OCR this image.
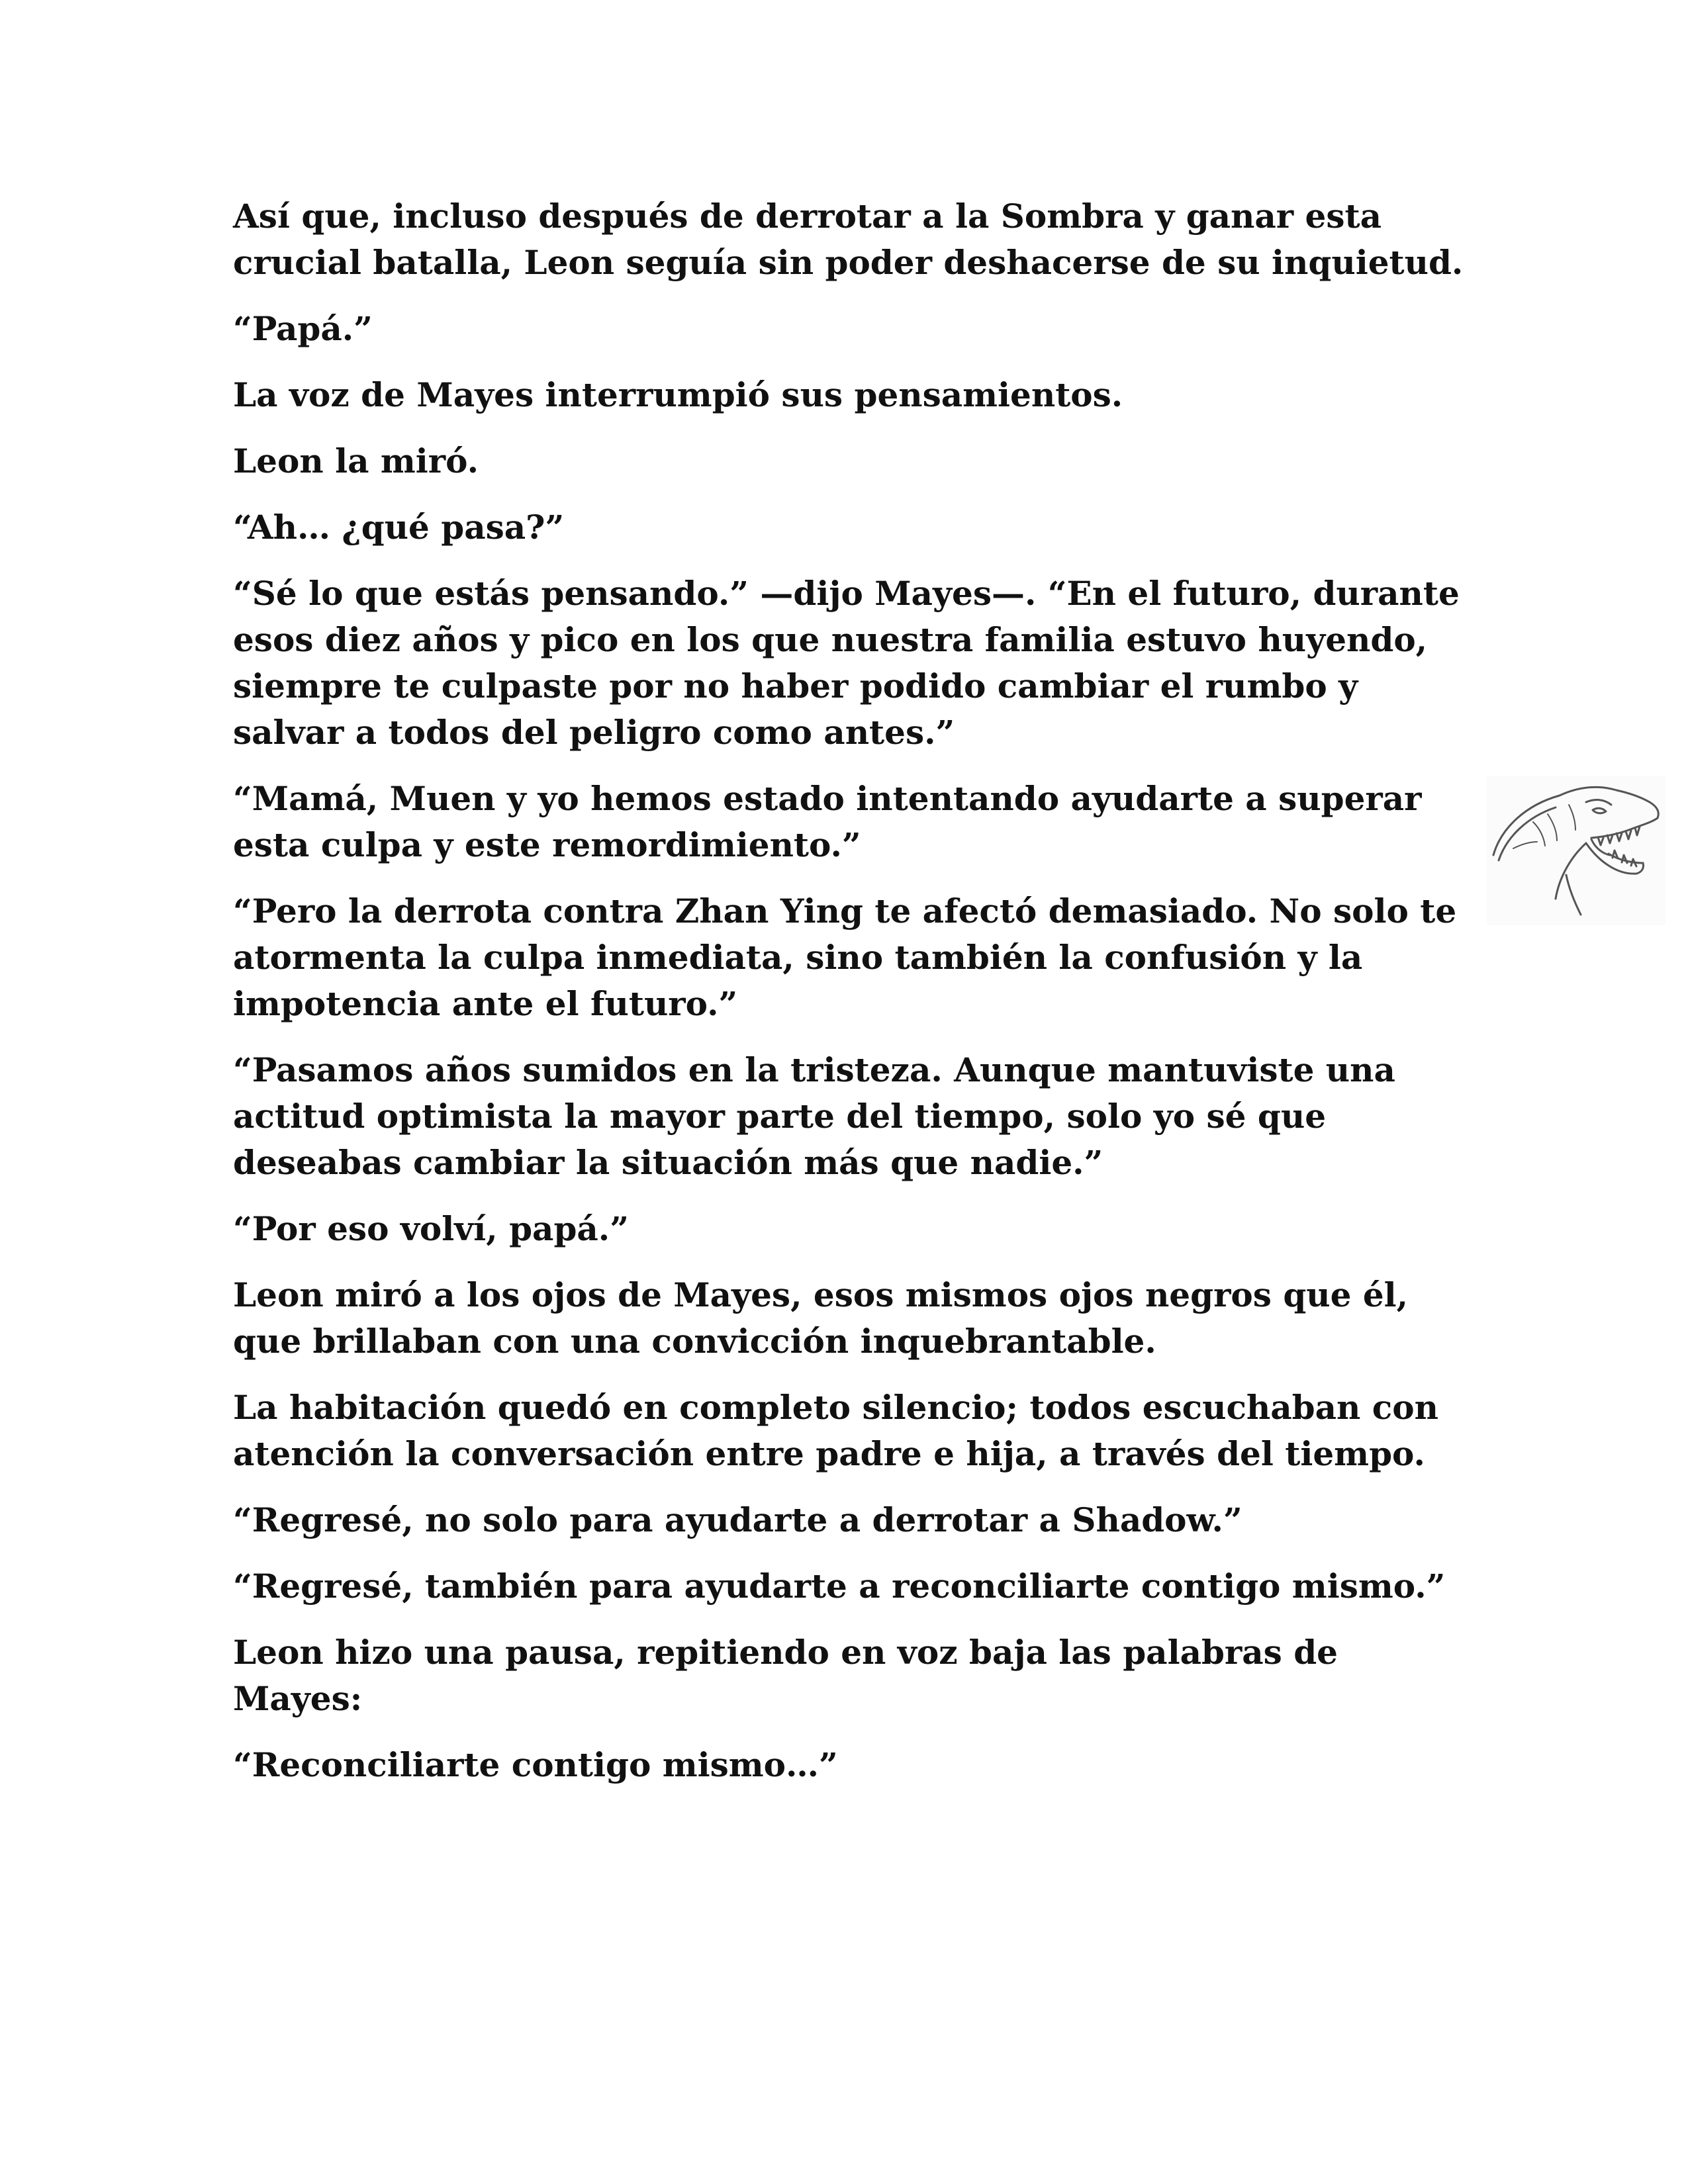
Así que, incluso después de derrotar a la Sombra y ganar esta crucial batalla, Leon seguía sin poder deshacerse de su inquietud.

“Papá.”

La voz de Mayes interrumpió sus pensamientos.

Leon la miró.

“Ah… ¿qué pasa?”

“Sé lo que estás pensando.” —dijo Mayes—. “En el futuro, durante esos diez años y pico en los que nuestra familia estuvo huyendo, siempre te culpaste por no haber podido cambiar el rumbo y salvar a todos del peligro como antes.”

“Mamá, Muen y yo hemos estado intentando ayudarte a superar esta culpa y este remordimiento.”

“Pero la derrota contra Zhan Ying te afectó demasiado. No solo te atormenta la culpa inmediata, sino también la confusión y la impotencia ante el futuro.”

“Pasamos años sumidos en la tristeza. Aunque mantuviste una actitud optimista la mayor parte del tiempo, solo yo sé que deseabas cambiar la situación más que nadie.”

“Por eso volví, papá.”

Leon miró a los ojos de Mayes, esos mismos ojos negros que él, que brillaban con una convicción inquebrantable.

La habitación quedó en completo silencio; todos escuchaban con atención la conversación entre padre e hija, a través del tiempo.

“Regresé, no solo para ayudarte a derrotar a Shadow.”

“Regresé, también para ayudarte a reconciliarte contigo mismo.”

Leon hizo una pausa, repitiendo en voz baja las palabras de Mayes:

“Reconciliarte contigo mismo…”
